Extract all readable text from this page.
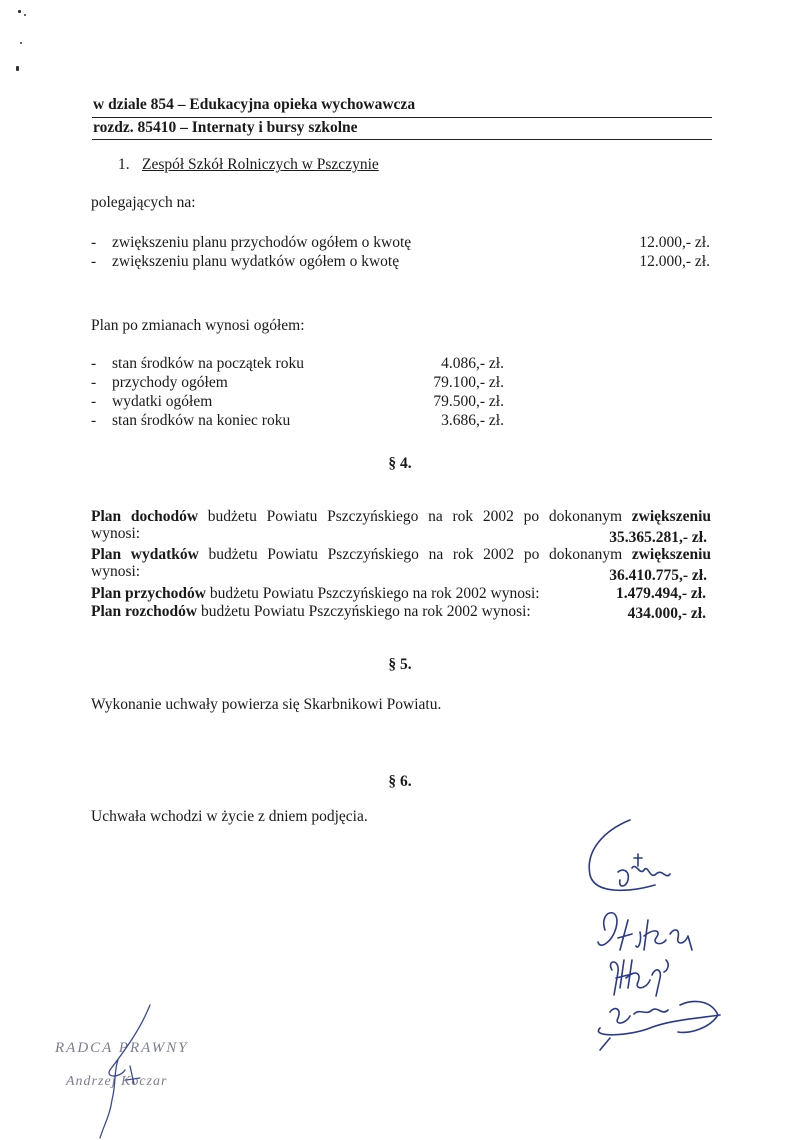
w dziale 854 – Edukacyjna opieka wychowawcza
rozdz. 85410 – Internaty i bursy szkolne
1. Zespół Szkół Rolniczych w Pszczynie
polegających na:
- zwiększeniu planu przychodów ogółem o kwotę	12.000,- zł.
- zwiększeniu planu wydatków ogółem o kwotę	12.000,- zł.
Plan po zmianach wynosi ogółem:
- stan środków na początek roku	4.086,- zł.
- przychody ogółem	79.100,- zł.
- wydatki ogółem	79.500,- zł.
- stan środków na koniec roku	3.686,- zł.
§ 4.
Plan dochodów budżetu Powiatu Pszczyńskiego na rok 2002 po dokonanym zwiększeniu
wynosi:	35.365.281,- zł.
Plan wydatków budżetu Powiatu Pszczyńskiego na rok 2002 po dokonanym zwiększeniu
wynosi:	36.410.775,- zł.
Plan przychodów budżetu Powiatu Pszczyńskiego na rok 2002 wynosi:	1.479.494,- zł.
Plan rozchodów budżetu Powiatu Pszczyńskiego na rok 2002 wynosi:	434.000,- zł.
§ 5.
Wykonanie uchwały powierza się Skarbnikowi Powiatu.
§ 6.
Uchwała wchodzi w życie z dniem podjęcia.
RADCA PRAWNY
Andrzej Koczar
